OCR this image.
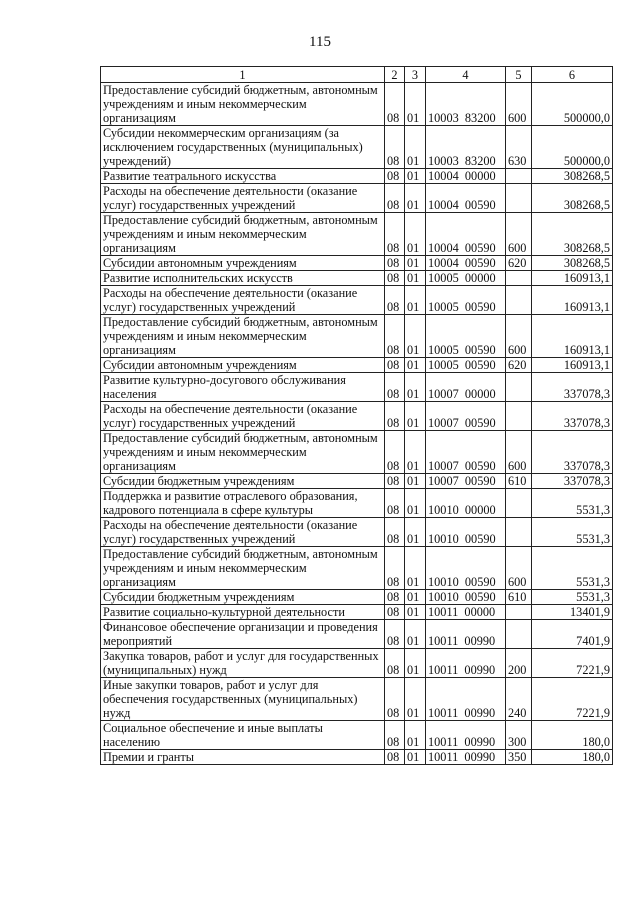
115
1	2	3	4	5	6
Предоставление субсидий бюджетным, автономным учреждениям и иным некоммерческим организациям	08	01	10003  83200	600	500000,0
Субсидии некоммерческим организациям (за исключением государственных (муниципальных) учреждений)	08	01	10003  83200	630	500000,0
Развитие театрального искусства	08	01	10004  00000		308268,5
Расходы на обеспечение деятельности (оказание услуг) государственных учреждений	08	01	10004  00590		308268,5
Предоставление субсидий бюджетным, автономным учреждениям и иным некоммерческим организациям	08	01	10004  00590	600	308268,5
Субсидии автономным учреждениям	08	01	10004  00590	620	308268,5
Развитие исполнительских искусств	08	01	10005  00000		160913,1
Расходы на обеспечение деятельности (оказание услуг) государственных учреждений	08	01	10005  00590		160913,1
Предоставление субсидий бюджетным, автономным учреждениям и иным некоммерческим организациям	08	01	10005  00590	600	160913,1
Субсидии автономным учреждениям	08	01	10005  00590	620	160913,1
Развитие культурно-досугового обслуживания населения	08	01	10007  00000		337078,3
Расходы на обеспечение деятельности (оказание услуг) государственных учреждений	08	01	10007  00590		337078,3
Предоставление субсидий бюджетным, автономным учреждениям и иным некоммерческим организациям	08	01	10007  00590	600	337078,3
Субсидии бюджетным учреждениям	08	01	10007  00590	610	337078,3
Поддержка и развитие отраслевого образования, кадрового потенциала в сфере культуры	08	01	10010  00000		5531,3
Расходы на обеспечение деятельности (оказание услуг) государственных учреждений	08	01	10010  00590		5531,3
Предоставление субсидий бюджетным, автономным учреждениям и иным некоммерческим организациям	08	01	10010  00590	600	5531,3
Субсидии бюджетным учреждениям	08	01	10010  00590	610	5531,3
Развитие социально-культурной деятельности	08	01	10011  00000		13401,9
Финансовое обеспечение организации и проведения мероприятий	08	01	10011  00990		7401,9
Закупка товаров, работ и услуг для государственных (муниципальных) нужд	08	01	10011  00990	200	7221,9
Иные закупки товаров, работ и услуг для обеспечения государственных (муниципальных) нужд	08	01	10011  00990	240	7221,9
Социальное обеспечение и иные выплаты населению	08	01	10011  00990	300	180,0
Премии и гранты	08	01	10011  00990	350	180,0
